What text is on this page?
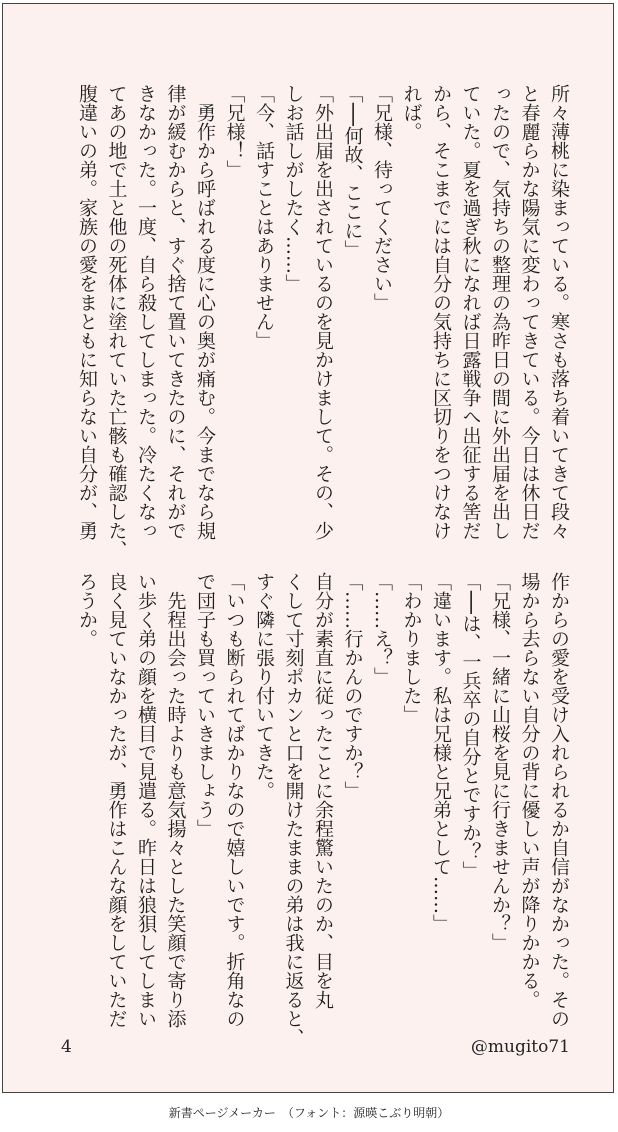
所々薄桃に染まっている。寒さも落ち着いてきて段々
と春麗らかな陽気に変わってきている。今日は休日だ
ったので、気持ちの整理の為昨日の間に外出届を出し
ていた。夏を過ぎ秋になれば日露戦争へ出征する筈だ
から、そこまでには自分の気持ちに区切りをつけなけ
れば。
「兄様、待ってください」
「──何故、ここに」
「外出届を出されているのを見かけまして。その、少
しお話しがしたく……」
「今、話すことはありません」
「兄様！」
　勇作から呼ばれる度に心の奥が痛む。今までなら規
律が緩むからと、すぐ捨て置いてきたのに、それがで
きなかった。一度、自ら殺してしまった。冷たくなっ
てあの地で土と他の死体に塗れていた亡骸も確認した、
腹違いの弟。家族の愛をまともに知らない自分が、勇
作からの愛を受け入れられるか自信がなかった。その
場から去らない自分の背に優しい声が降りかかる。
「兄様、一緒に山桜を見に行きませんか？」
「──は、一兵卒の自分とですか？」
「違います。私は兄様と兄弟として……」
「わかりました」
「……え？」
「……行かんのですか？」
自分が素直に従ったことに余程驚いたのか、目を丸
くして寸刻ポカンと口を開けたままの弟は我に返ると、
すぐ隣に張り付いてきた。
「いつも断られてばかりなので嬉しいです。折角なの
で団子も買っていきましょう」
　先程出会った時よりも意気揚々とした笑顔で寄り添
い歩く弟の顔を横目で見遣る。昨日は狼狽してしまい
良く見ていなかったが、勇作はこんな顔をしていただ
ろうか。
4	@mugito71
新書ページメーカー　（フォント：源暎こぶり明朝）
